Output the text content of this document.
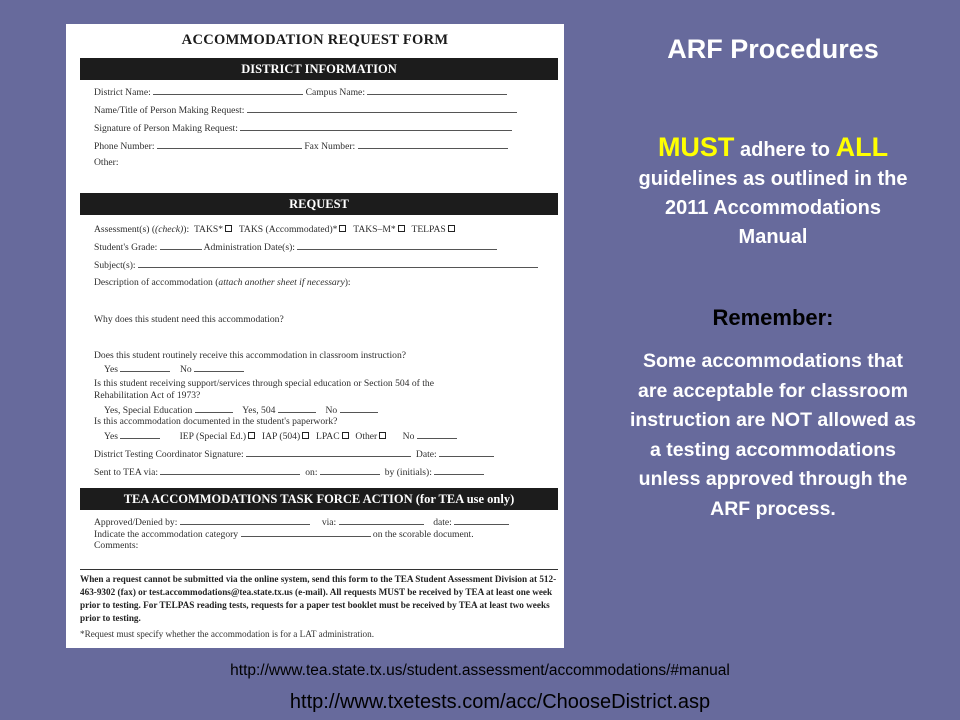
ACCOMMODATION REQUEST FORM
DISTRICT INFORMATION
District Name:	Campus Name:
Name/Title of Person Making Request:
Signature of Person Making Request:
Phone Number:	Fax Number:
Other:
REQUEST
Assessment(s) ((check)): TAKS* TAKS (Accommodated)* TAKS–M* TELPAS
Student's Grade:	Administration Date(s):
Subject(s):
Description of accommodation (attach another sheet if necessary):
Why does this student need this accommodation?
Does this student routinely receive this accommodation in classroom instruction?
Yes	No
Is this student receiving support/services through special education or Section 504 of the
Rehabilitation Act of 1973?
Yes, Special Education	Yes, 504	No
Is this accommodation documented in the student's paperwork?
Yes	IEP (Special Ed.) IAP (504) LPAC Other	No
District Testing Coordinator Signature:	Date:
Sent to TEA via:	on:	by (initials):
TEA ACCOMMODATIONS TASK FORCE ACTION (for TEA use only)
Approved/Denied by:	via:	date:
Indicate the accommodation category	on the scorable document.
Comments:
When a request cannot be submitted via the online system, send this form to the TEA Student Assessment Division at 512-463-9302 (fax) or test.accommodations@tea.state.tx.us (e-mail). All requests MUST be received by TEA at least one week prior to testing. For TELPAS reading tests, requests for a paper test booklet must be received by TEA at least two weeks prior to testing.
*Request must specify whether the accommodation is for a LAT administration.
ARF Procedures
MUST adhere to ALL
guidelines as outlined in the 2011 Accommodations Manual
Remember:
Some accommodations that are acceptable for classroom instruction are NOT allowed as a testing accommodations unless approved through the ARF process.
http://www.tea.state.tx.us/student.assessment/accommodations/#manual
http://www.txetests.com/acc/ChooseDistrict.asp
